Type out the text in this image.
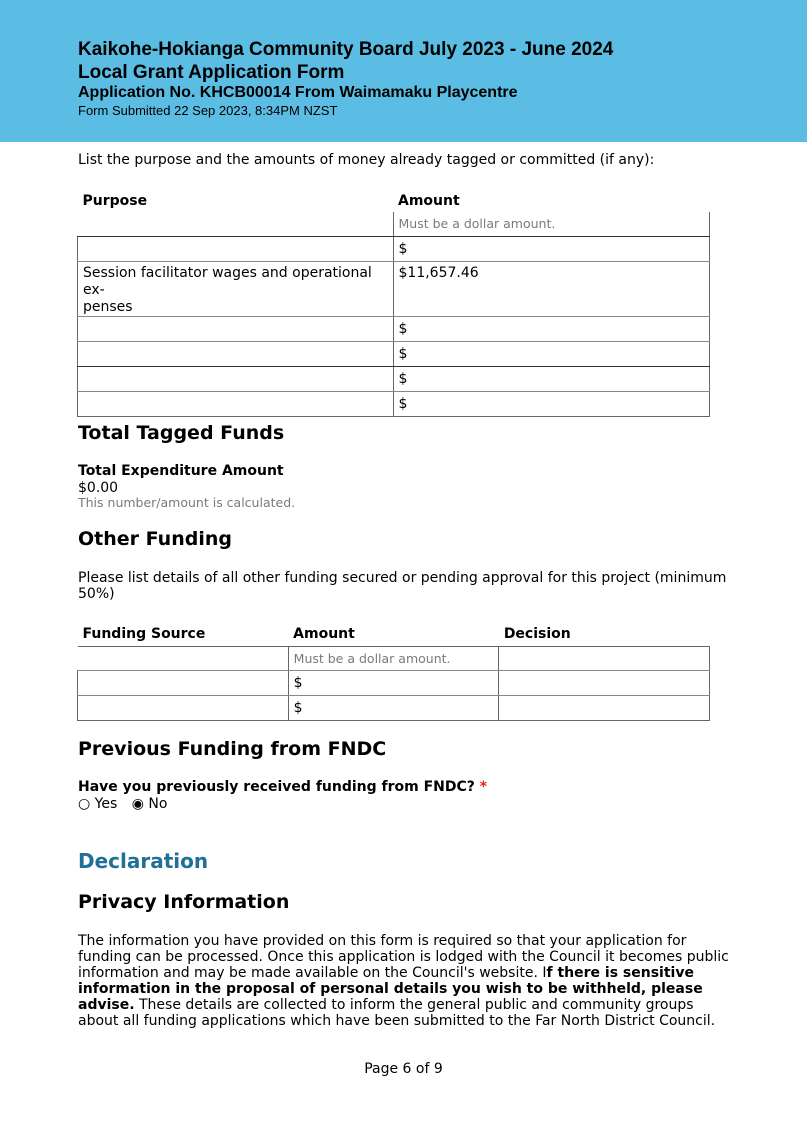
Kaikohe-Hokianga Community Board July 2023 - June 2024
Local Grant Application Form
Application No. KHCB00014 From Waimamaku Playcentre
Form Submitted 22 Sep 2023, 8:34PM NZST
List the purpose and the amounts of money already tagged or committed (if any):
Purpose	Amount
	Must be a dollar amount.
	$

Session facilitator wages and operational ex-
penses	$11,657.46
	$
	$
	$
	$
Total Tagged Funds
Total Expenditure Amount
$0.00
This number/amount is calculated.
Other Funding
Please list details of all other funding secured or pending approval for this project (minimum
50%)
Funding Source	Amount	Decision
	Must be a dollar amount.	
	$	
	$	
Previous Funding from FNDC
Have you previously received funding from FNDC? *
○ Yes ◉ No
Declaration
Privacy Information
The information you have provided on this form is required so that your application for
funding can be processed. Once this application is lodged with the Council it becomes public
information and may be made available on the Council's website. If there is sensitive
information in the proposal of personal details you wish to be withheld, please
advise. These details are collected to inform the general public and community groups
about all funding applications which have been submitted to the Far North District Council.
Page 6 of 9
